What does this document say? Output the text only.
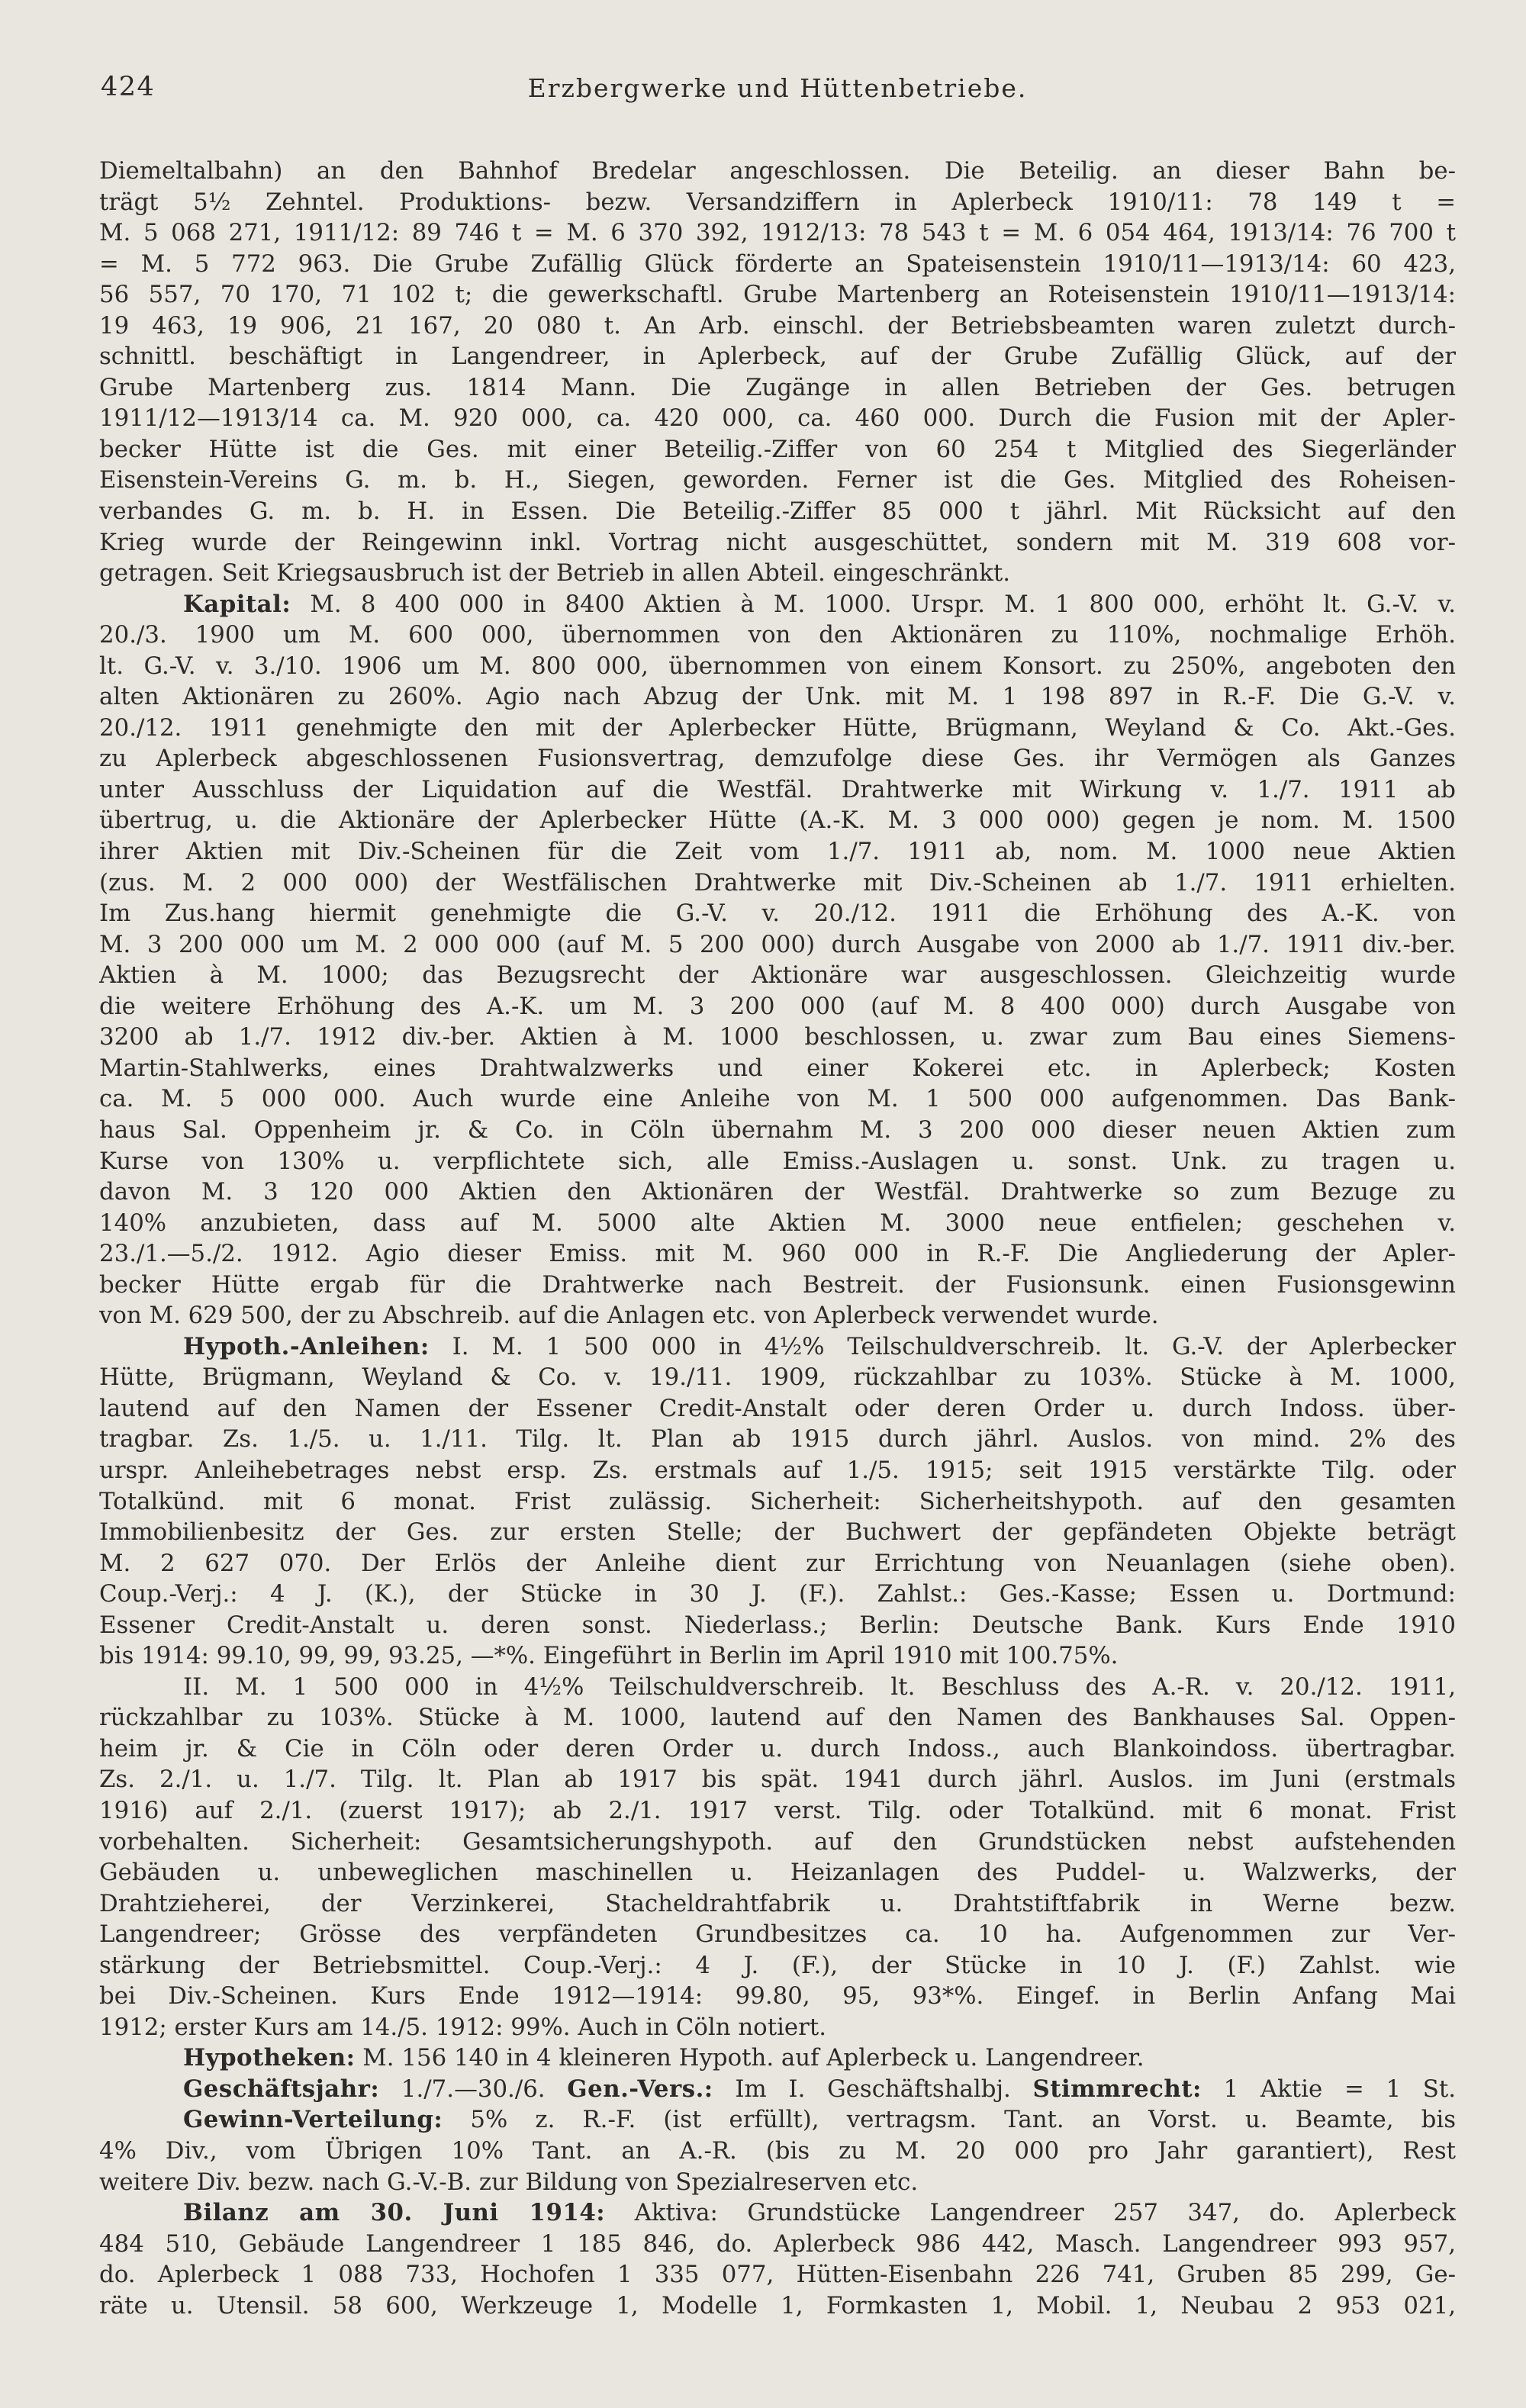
424	Erzbergwerke und Hüttenbetriebe.
Diemeltalbahn) an den Bahnhof Bredelar angeschlossen. Die Beteilig. an dieser Bahn be-
trägt 5½ Zehntel. Produktions- bezw. Versandziffern in Aplerbeck 1910/11: 78 149 t =
M. 5 068 271, 1911/12: 89 746 t = M. 6 370 392, 1912/13: 78 543 t = M. 6 054 464, 1913/14: 76 700 t
= M. 5 772 963. Die Grube Zufällig Glück förderte an Spateisenstein 1910/11—1913/14: 60 423,
56 557, 70 170, 71 102 t; die gewerkschaftl. Grube Martenberg an Roteisenstein 1910/11—1913/14:
19 463, 19 906, 21 167, 20 080 t. An Arb. einschl. der Betriebsbeamten waren zuletzt durch-
schnittl. beschäftigt in Langendreer, in Aplerbeck, auf der Grube Zufällig Glück, auf der
Grube Martenberg zus. 1814 Mann. Die Zugänge in allen Betrieben der Ges. betrugen
1911/12—1913/14 ca. M. 920 000, ca. 420 000, ca. 460 000. Durch die Fusion mit der Apler-
becker Hütte ist die Ges. mit einer Beteilig.-Ziffer von 60 254 t Mitglied des Siegerländer
Eisenstein-Vereins G. m. b. H., Siegen, geworden. Ferner ist die Ges. Mitglied des Roheisen-
verbandes G. m. b. H. in Essen. Die Beteilig.-Ziffer 85 000 t jährl. Mit Rücksicht auf den
Krieg wurde der Reingewinn inkl. Vortrag nicht ausgeschüttet, sondern mit M. 319 608 vor-
getragen. Seit Kriegsausbruch ist der Betrieb in allen Abteil. eingeschränkt.
Kapital: M. 8 400 000 in 8400 Aktien à M. 1000. Urspr. M. 1 800 000, erhöht lt. G.-V. v.
20./3. 1900 um M. 600 000, übernommen von den Aktionären zu 110%, nochmalige Erhöh.
lt. G.-V. v. 3./10. 1906 um M. 800 000, übernommen von einem Konsort. zu 250%, angeboten den
alten Aktionären zu 260%. Agio nach Abzug der Unk. mit M. 1 198 897 in R.-F. Die G.-V. v.
20./12. 1911 genehmigte den mit der Aplerbecker Hütte, Brügmann, Weyland & Co. Akt.-Ges.
zu Aplerbeck abgeschlossenen Fusionsvertrag, demzufolge diese Ges. ihr Vermögen als Ganzes
unter Ausschluss der Liquidation auf die Westfäl. Drahtwerke mit Wirkung v. 1./7. 1911 ab
übertrug, u. die Aktionäre der Aplerbecker Hütte (A.-K. M. 3 000 000) gegen je nom. M. 1500
ihrer Aktien mit Div.-Scheinen für die Zeit vom 1./7. 1911 ab, nom. M. 1000 neue Aktien
(zus. M. 2 000 000) der Westfälischen Drahtwerke mit Div.-Scheinen ab 1./7. 1911 erhielten.
Im Zus.hang hiermit genehmigte die G.-V. v. 20./12. 1911 die Erhöhung des A.-K. von
M. 3 200 000 um M. 2 000 000 (auf M. 5 200 000) durch Ausgabe von 2000 ab 1./7. 1911 div.-ber.
Aktien à M. 1000; das Bezugsrecht der Aktionäre war ausgeschlossen. Gleichzeitig wurde
die weitere Erhöhung des A.-K. um M. 3 200 000 (auf M. 8 400 000) durch Ausgabe von
3200 ab 1./7. 1912 div.-ber. Aktien à M. 1000 beschlossen, u. zwar zum Bau eines Siemens-
Martin-Stahlwerks, eines Drahtwalzwerks und einer Kokerei etc. in Aplerbeck; Kosten
ca. M. 5 000 000. Auch wurde eine Anleihe von M. 1 500 000 aufgenommen. Das Bank-
haus Sal. Oppenheim jr. & Co. in Cöln übernahm M. 3 200 000 dieser neuen Aktien zum
Kurse von 130% u. verpflichtete sich, alle Emiss.-Auslagen u. sonst. Unk. zu tragen u.
davon M. 3 120 000 Aktien den Aktionären der Westfäl. Drahtwerke so zum Bezuge zu
140% anzubieten, dass auf M. 5000 alte Aktien M. 3000 neue entfielen; geschehen v.
23./1.—5./2. 1912. Agio dieser Emiss. mit M. 960 000 in R.-F. Die Angliederung der Apler-
becker Hütte ergab für die Drahtwerke nach Bestreit. der Fusionsunk. einen Fusionsgewinn
von M. 629 500, der zu Abschreib. auf die Anlagen etc. von Aplerbeck verwendet wurde.
Hypoth.-Anleihen: I. M. 1 500 000 in 4½% Teilschuldverschreib. lt. G.-V. der Aplerbecker
Hütte, Brügmann, Weyland & Co. v. 19./11. 1909, rückzahlbar zu 103%. Stücke à M. 1000,
lautend auf den Namen der Essener Credit-Anstalt oder deren Order u. durch Indoss. über-
tragbar. Zs. 1./5. u. 1./11. Tilg. lt. Plan ab 1915 durch jährl. Auslos. von mind. 2% des
urspr. Anleihebetrages nebst ersp. Zs. erstmals auf 1./5. 1915; seit 1915 verstärkte Tilg. oder
Totalkünd. mit 6 monat. Frist zulässig. Sicherheit: Sicherheitshypoth. auf den gesamten
Immobilienbesitz der Ges. zur ersten Stelle; der Buchwert der gepfändeten Objekte beträgt
M. 2 627 070. Der Erlös der Anleihe dient zur Errichtung von Neuanlagen (siehe oben).
Coup.-Verj.: 4 J. (K.), der Stücke in 30 J. (F.). Zahlst.: Ges.-Kasse; Essen u. Dortmund:
Essener Credit-Anstalt u. deren sonst. Niederlass.; Berlin: Deutsche Bank. Kurs Ende 1910
bis 1914: 99.10, 99, 99, 93.25, —*%. Eingeführt in Berlin im April 1910 mit 100.75%.
II. M. 1 500 000 in 4½% Teilschuldverschreib. lt. Beschluss des A.-R. v. 20./12. 1911,
rückzahlbar zu 103%. Stücke à M. 1000, lautend auf den Namen des Bankhauses Sal. Oppen-
heim jr. & Cie in Cöln oder deren Order u. durch Indoss., auch Blankoindoss. übertragbar.
Zs. 2./1. u. 1./7. Tilg. lt. Plan ab 1917 bis spät. 1941 durch jährl. Auslos. im Juni (erstmals
1916) auf 2./1. (zuerst 1917); ab 2./1. 1917 verst. Tilg. oder Totalkünd. mit 6 monat. Frist
vorbehalten. Sicherheit: Gesamtsicherungshypoth. auf den Grundstücken nebst aufstehenden
Gebäuden u. unbeweglichen maschinellen u. Heizanlagen des Puddel- u. Walzwerks, der
Drahtzieherei, der Verzinkerei, Stacheldrahtfabrik u. Drahtstiftfabrik in Werne bezw.
Langendreer; Grösse des verpfändeten Grundbesitzes ca. 10 ha. Aufgenommen zur Ver-
stärkung der Betriebsmittel. Coup.-Verj.: 4 J. (F.), der Stücke in 10 J. (F.) Zahlst. wie
bei Div.-Scheinen. Kurs Ende 1912—1914: 99.80, 95, 93*%. Eingef. in Berlin Anfang Mai
1912; erster Kurs am 14./5. 1912: 99%. Auch in Cöln notiert.
Hypotheken: M. 156 140 in 4 kleineren Hypoth. auf Aplerbeck u. Langendreer.
Geschäftsjahr: 1./7.—30./6. Gen.-Vers.: Im I. Geschäftshalbj. Stimmrecht: 1 Aktie = 1 St.
Gewinn-Verteilung: 5% z. R.-F. (ist erfüllt), vertragsm. Tant. an Vorst. u. Beamte, bis
4% Div., vom Übrigen 10% Tant. an A.-R. (bis zu M. 20 000 pro Jahr garantiert), Rest
weitere Div. bezw. nach G.-V.-B. zur Bildung von Spezialreserven etc.
Bilanz am 30. Juni 1914: Aktiva: Grundstücke Langendreer 257 347, do. Aplerbeck
484 510, Gebäude Langendreer 1 185 846, do. Aplerbeck 986 442, Masch. Langendreer 993 957,
do. Aplerbeck 1 088 733, Hochofen 1 335 077, Hütten-Eisenbahn 226 741, Gruben 85 299, Ge-
räte u. Utensil. 58 600, Werkzeuge 1, Modelle 1, Formkasten 1, Mobil. 1, Neubau 2 953 021,
